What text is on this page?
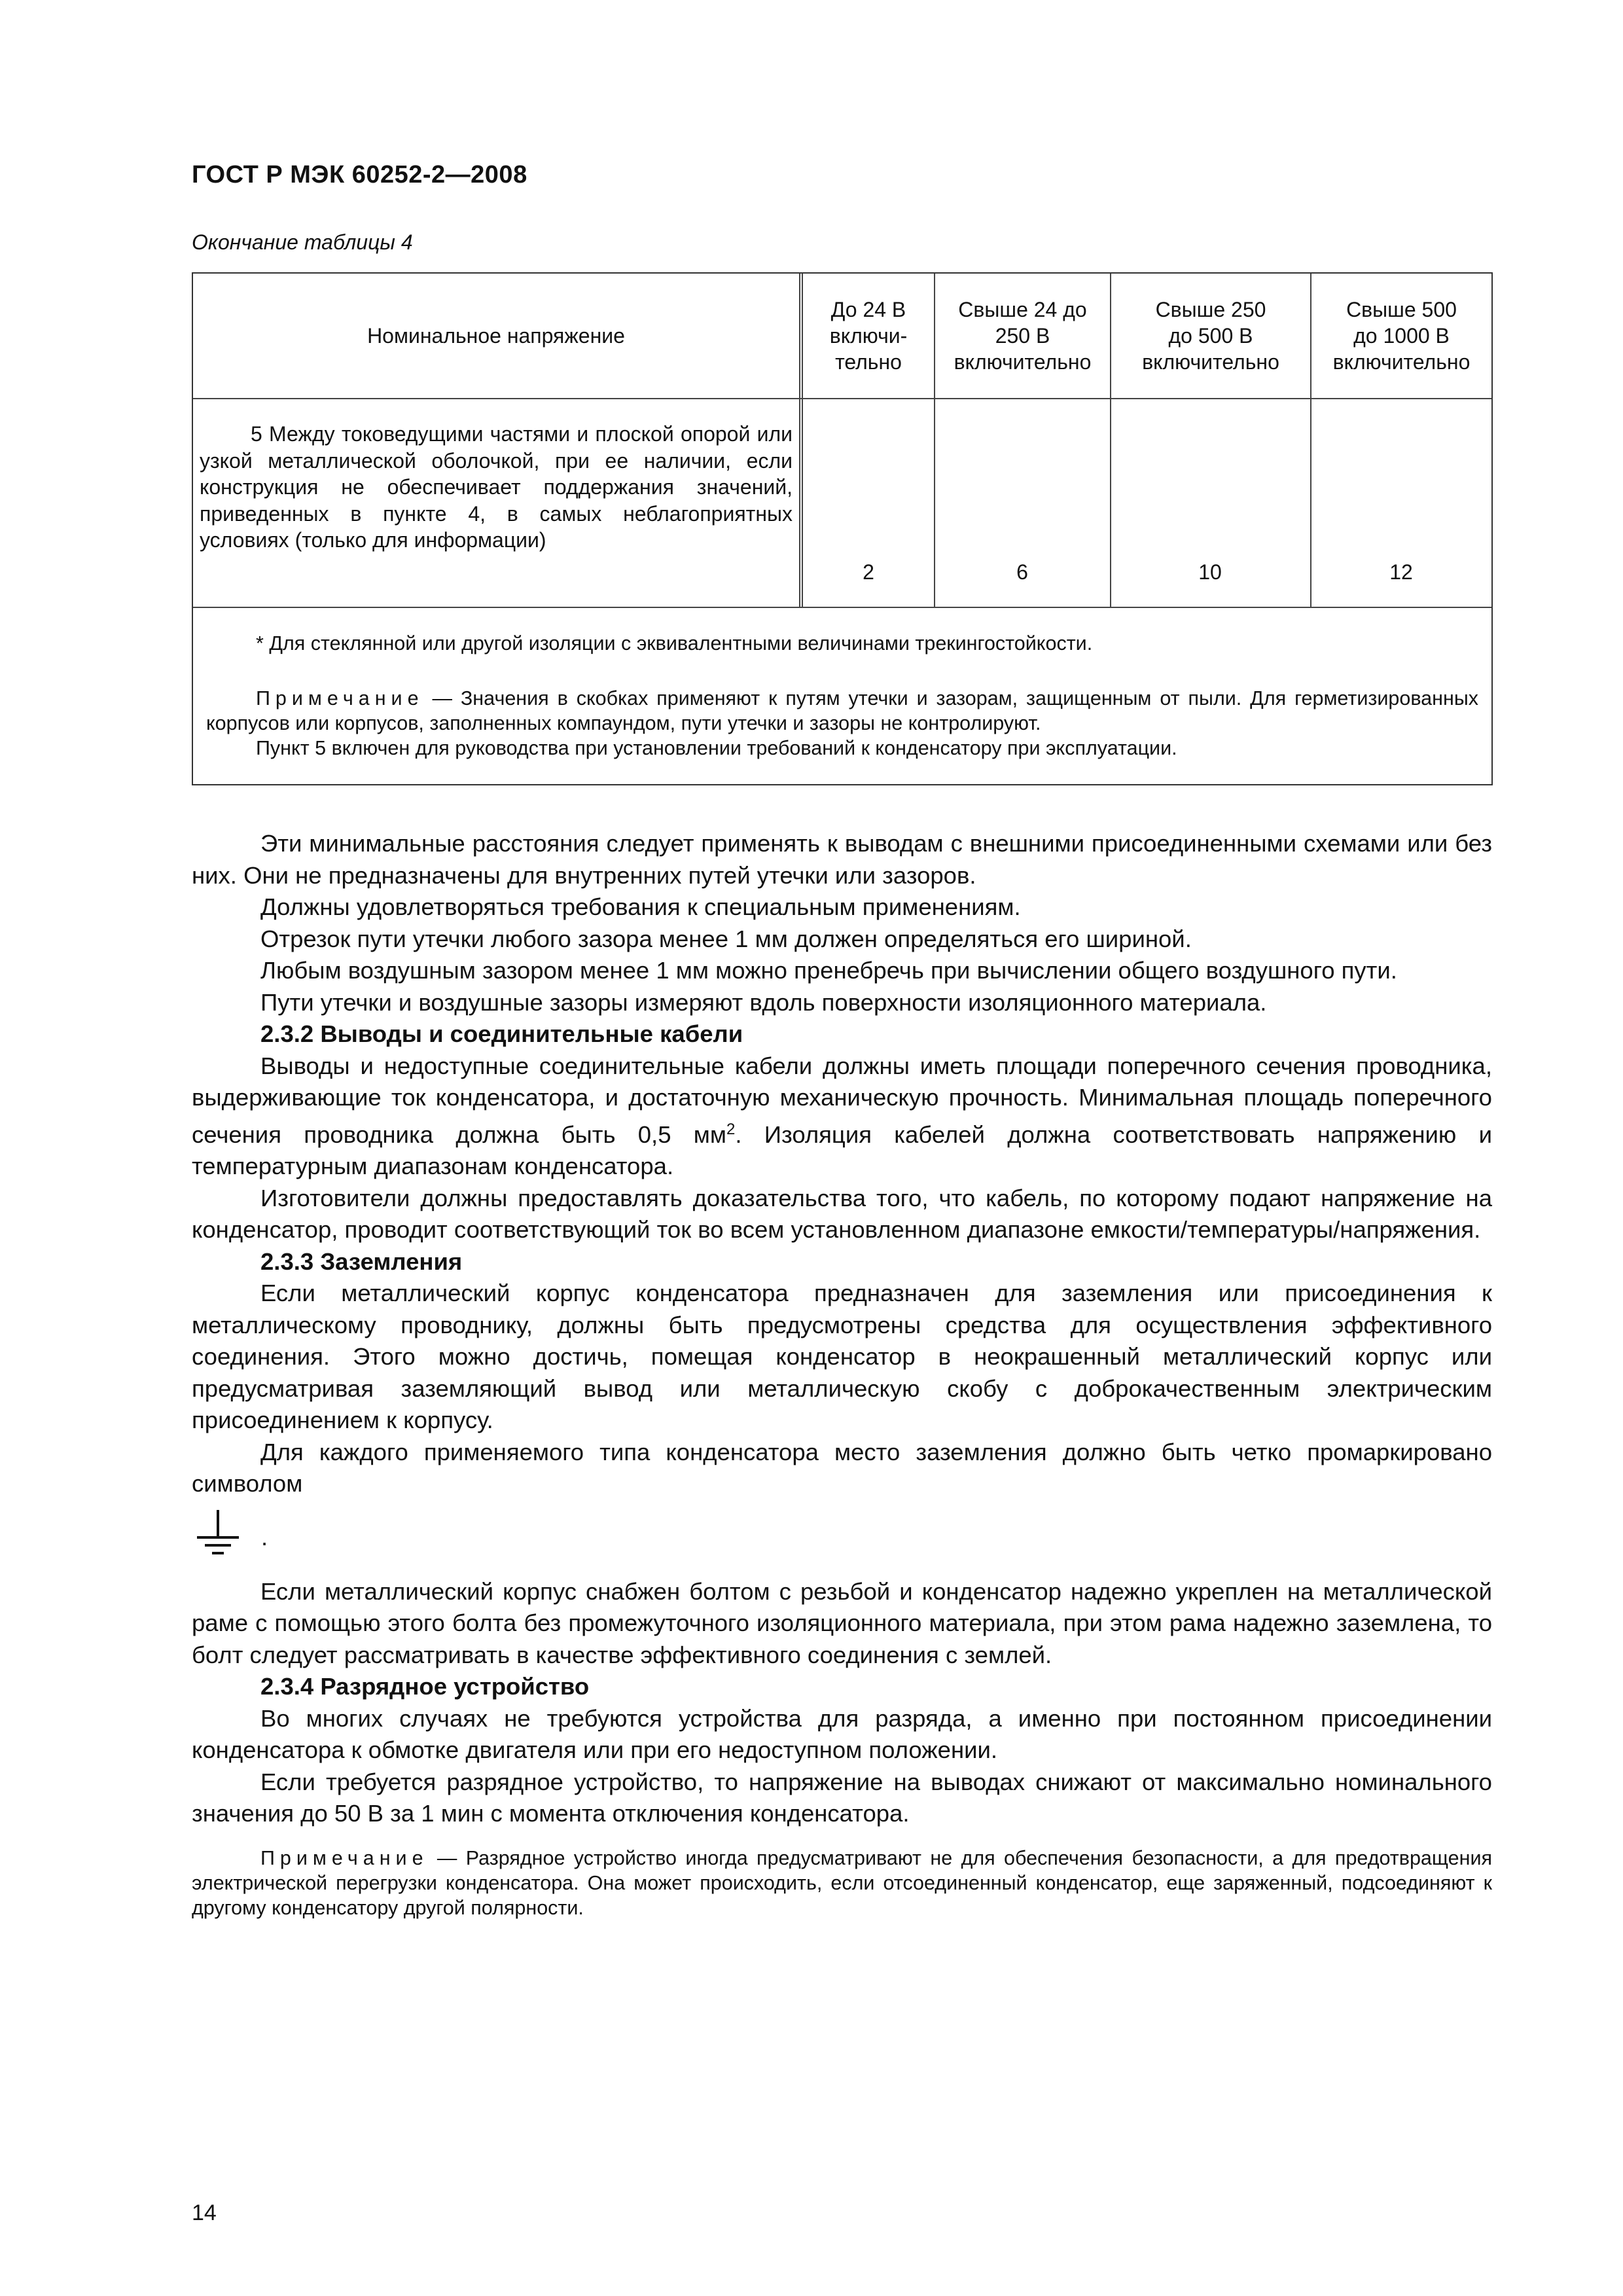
ГОСТ Р МЭК 60252-2—2008
Окончание таблицы 4
Номинальное напряжение
До 24 В
включи-
тельно
Свыше 24 до
250 В
включительно
Свыше 250
до 500 В
включительно
5 Между токоведущими частями и плоской опорой или узкой металлической оболочкой, при ее наличии, если конструкция не обеспечивает поддержания значений, приведенных в пункте 4, в самых неблагоприятных условиях (только для информации)
2	6	10
* Для стеклянной или другой изоляции с эквивалентными величинами трекингостойкости.
Примечание — Значения в скобках применяют к путям утечки и зазорам, защищенным от пыли. Для герметизированных корпусов или корпусов, заполненных компаундом, пути утечки и зазоры не контролируют.
Пункт 5 включен для руководства при установлении требований к конденсатору при эксплуатации.
Свыше 500
до 1000 В
включительно
12

Эти минимальные расстояния следует применять к выводам с внешними присоединенными схемами или без них. Они не предназначены для внутренних путей утечки или зазоров.

Должны удовлетворяться требования к специальным применениям.

Отрезок пути утечки любого зазора менее 1 мм должен определяться его шириной.

Любым воздушным зазором менее 1 мм можно пренебречь при вычислении общего воздушного пути.

Пути утечки и воздушные зазоры измеряют вдоль поверхности изоляционного материала.

2.3.2 Выводы и соединительные кабели

Выводы и недоступные соединительные кабели должны иметь площади поперечного сечения проводника, выдерживающие ток конденсатора, и достаточную механическую прочность. Минимальная площадь поперечного сечения проводника должна быть 0,5 $мм^2$. Изоляция кабелей должна соответствовать напряжению и температурным диапазонам конденсатора.

Изготовители должны предоставлять доказательства того, что кабель, по которому подают напряжение на конденсатор, проводит соответствующий ток во всем установленном диапазоне емкости/температуры/напряжения.

2.3.3 Заземления

Если металлический корпус конденсатора предназначен для заземления или присоединения к металлическому проводнику, должны быть предусмотрены средства для осуществления эффективного соединения. Этого можно достичь, помещая конденсатор в неокрашенный металлический корпус или предусматривая заземляющий вывод или металлическую скобу с доброкачественным электрическим присоединением к корпусу.

Для каждого применяемого типа конденсатора место заземления должно быть четко промаркировано символом

.

Если металлический корпус снабжен болтом с резьбой и конденсатор надежно укреплен на металлической раме с помощью этого болта без промежуточного изоляционного материала, при этом рама надежно заземлена, то болт следует рассматривать в качестве эффективного соединения с землей.

2.3.4 Разрядное устройство

Во многих случаях не требуются устройства для разряда, а именно при постоянном присоединении конденсатора к обмотке двигателя или при его недоступном положении.

Если требуется разрядное устройство, то напряжение на выводах снижают от максимально номинального значения до 50 В за 1 мин с момента отключения конденсатора.

Примечание — Разрядное устройство иногда предусматривают не для обеспечения безопасности, а для предотвращения электрической перегрузки конденсатора. Она может происходить, если отсоединенный конденсатор, еще заряженный, подсоединяют к другому конденсатору другой полярности.
14
